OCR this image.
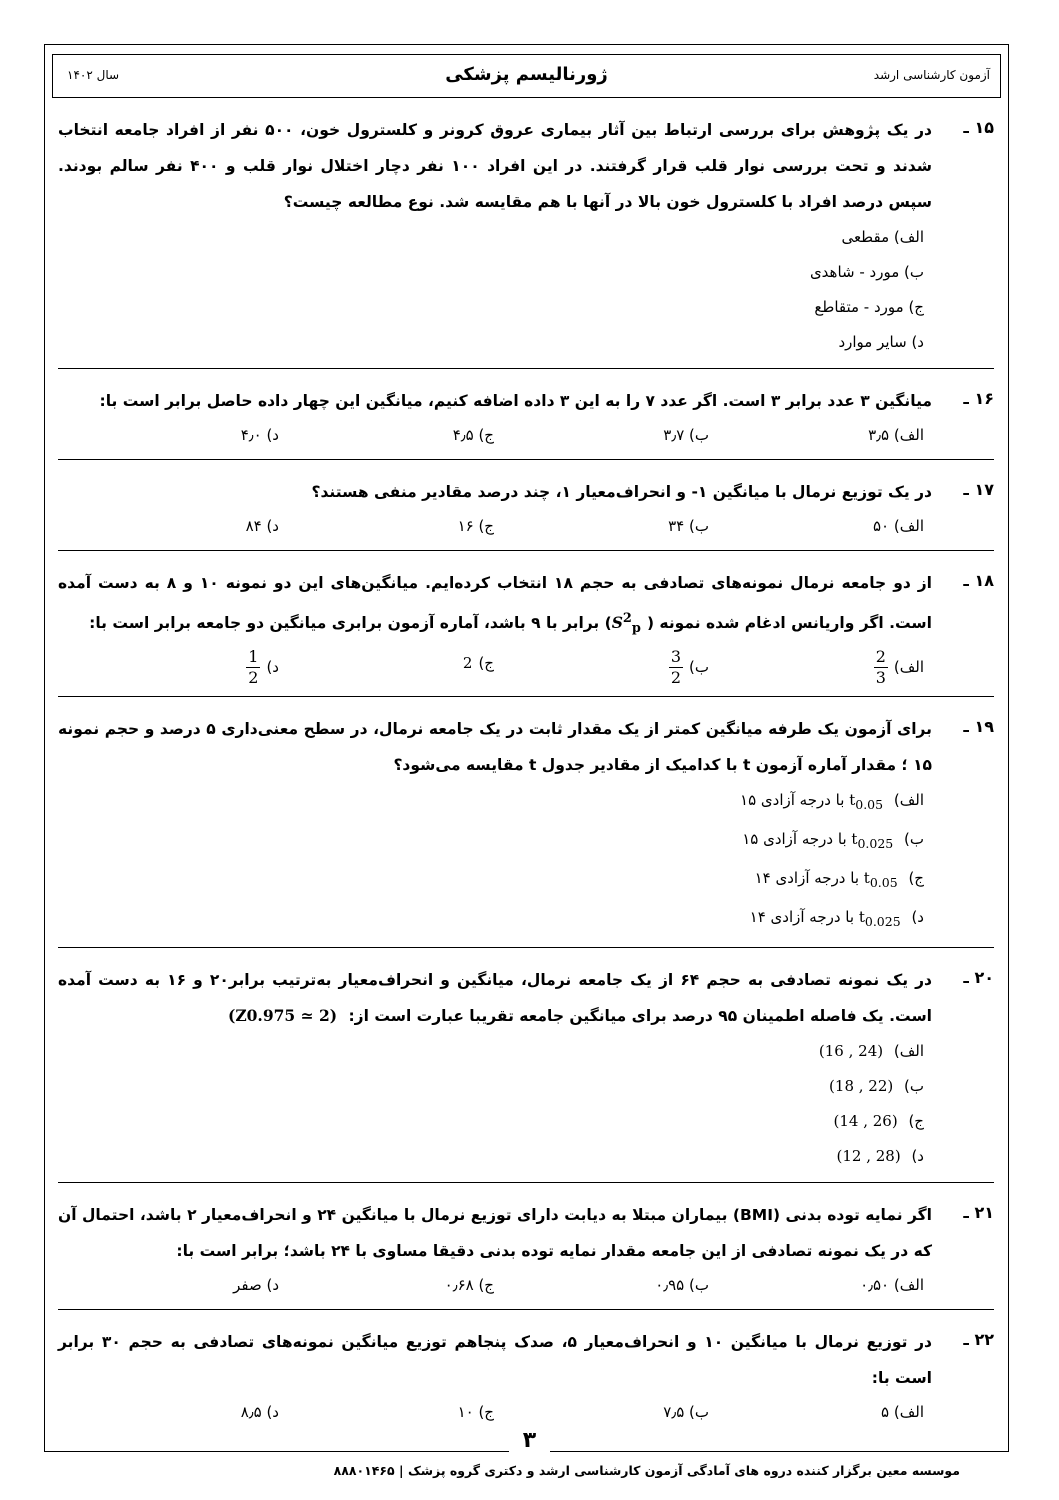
آزمون کارشناسی ارشد
ژورنالیسم پزشکی
سال ۱۴۰۲
۱۵ ـ
در یک پژوهش برای بررسی ارتباط بین آثار بیماری عروق کرونر و کلسترول خون، ۵۰۰ نفر از افراد جامعه انتخاب شدند و تحت بررسی نوار قلب قرار گرفتند. در این افراد ۱۰۰ نفر دچار اختلال نوار قلب و ۴۰۰ نفر سالم بودند. سپس درصد افراد با کلسترول خون بالا در آنها با هم مقایسه شد. نوع مطالعه چیست؟
الف) مقطعی
ب) مورد - شاهدی
ج) مورد - متقاطع
د) سایر موارد
۱۶ ـ
میانگین ۳ عدد برابر ۳ است. اگر عدد ۷ را به این ۳ داده اضافه کنیم، میانگین این چهار داده حاصل برابر است با:
الف) ۳٫۵
ب) ۳٫۷
ج) ۴٫۵
د) ۴٫۰
۱۷ ـ
در یک توزیع نرمال با میانگین ۱- و انحراف‌معیار ۱، چند درصد مقادیر منفی هستند؟
الف) ۵۰
ب) ۳۴
ج) ۱۶
د) ۸۴
۱۸ ـ
از دو جامعه نرمال نمونه‌های تصادفی به حجم ۱۸ انتخاب کرده‌ایم. میانگین‌های این دو نمونه ۱۰ و ۸ به دست آمده است. اگر واریانس ادغام شده نمونه $(S^2_p)$ برابر با ۹ باشد، آماره آزمون برابری میانگین دو جامعه برابر است با:
الف)
$\frac{2}{3}$
ب)
$\frac{3}{2}$
ج)2
د)
$\frac{1}{2}$
۱۹ ـ
برای آزمون یک طرفه میانگین کمتر از یک مقدار ثابت در یک جامعه نرمال، در سطح معنی‌داری ۵ درصد و حجم نمونه ۱۵ ؛ مقدار آماره آزمون t با کدامیک از مقادیر جدول t مقایسه می‌شود؟
الف) $t_{0.05}$ با درجه آزادی ۱۵
ب) $t_{0.025}$ با درجه آزادی ۱۵
ج) $t_{0.05}$ با درجه آزادی ۱۴
د) $t_{0.025}$ با درجه آزادی ۱۴
۲۰ ـ
در یک نمونه تصادفی به حجم ۶۴ از یک جامعه نرمال، میانگین و انحراف‌معیار به‌ترتیب برابر۲۰ و ۱۶ به دست آمده است. یک فاصله اطمینان ۹۵ درصد برای میانگین جامعه تقریبا عبارت است از: (Z0.975 ≃ 2)
الف) (16 , 24)
ب) (18 , 22)
ج) (14 , 26)
د) (12 , 28)
۲۱ ـ
اگر نمایه توده بدنی (BMI) بیماران مبتلا به دیابت دارای توزیع نرمال با میانگین ۲۴ و انحراف‌معیار ۲ باشد، احتمال آن که در یک نمونه تصادفی از این جامعه مقدار نمایه توده بدنی دقیقا مساوی با ۲۴ باشد؛ برابر است با:
الف) ۰٫۵۰
ب) ۰٫۹۵
ج) ۰٫۶۸
د) صفر
۲۲ ـ
در توزیع نرمال با میانگین ۱۰ و انحراف‌معیار ۵، صدک پنجاهم توزیع میانگین نمونه‌های تصادفی به حجم ۳۰ برابر است با:
الف) ۵
ب) ۷٫۵
ج) ۱۰
د) ۸٫۵
۳
موسسه معین برگزار کننده دروه های آمادگی آزمون کارشناسی ارشد و دکتری گروه پزشک | ۸۸۸۰۱۴۶۵
